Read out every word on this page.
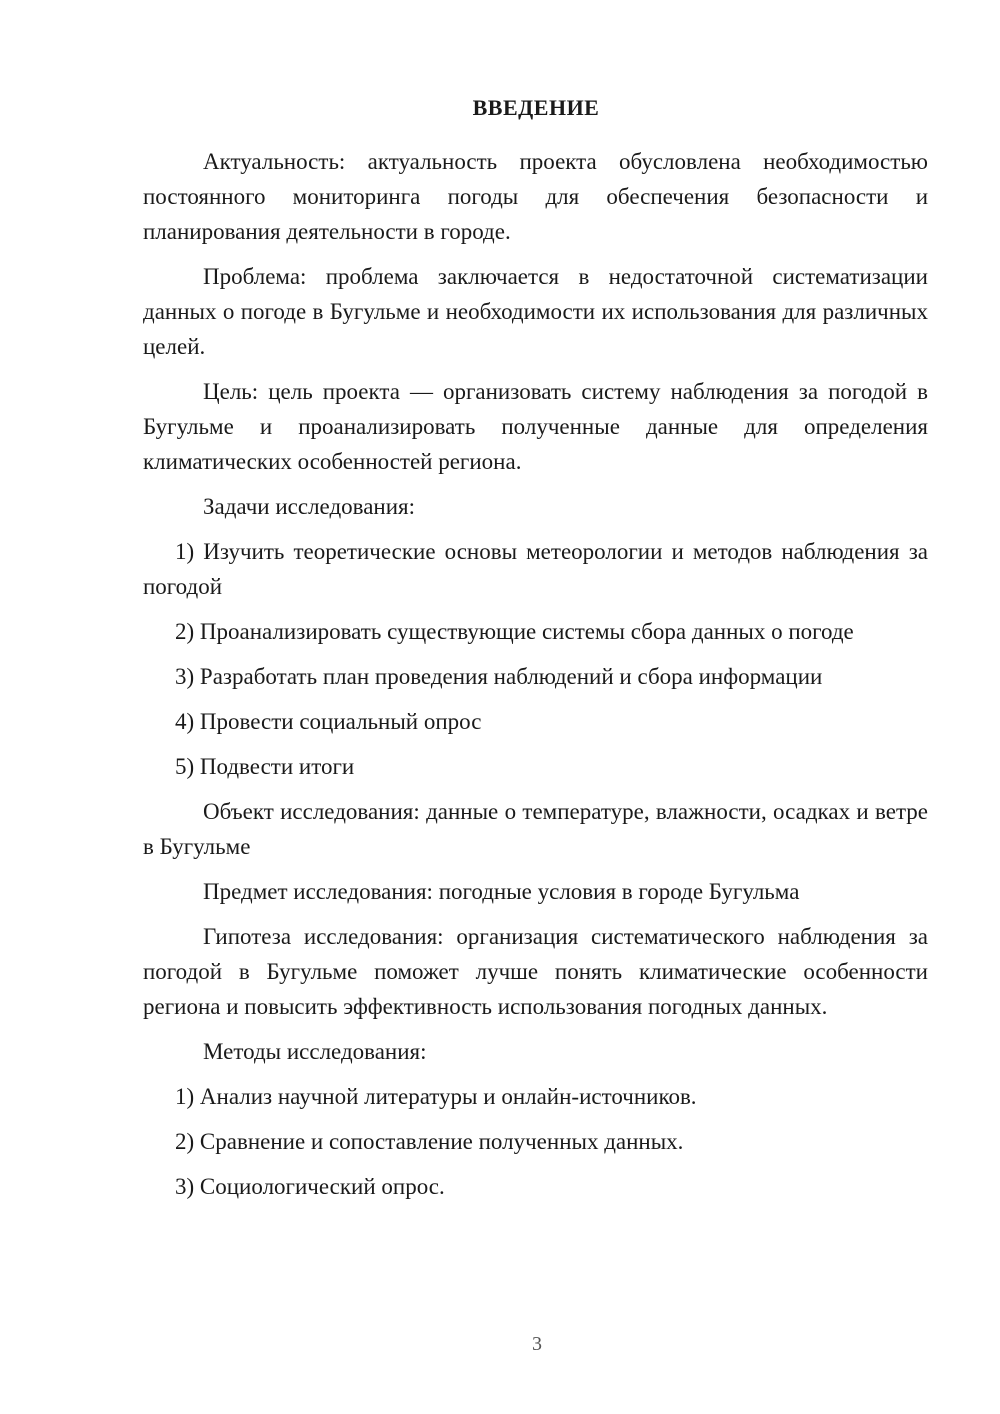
ВВЕДЕНИЕ

Актуальность: актуальность проекта обусловлена необходимостью постоянного мониторинга погоды для обеспечения безопасности и планирования деятельности в городе.

Проблема: проблема заключается в недостаточной систематизации данных о погоде в Бугульме и необходимости их использования для различных целей.

Цель: цель проекта — организовать систему наблюдения за погодой в Бугульме и проанализировать полученные данные для определения климатических особенностей региона.

Задачи исследования:

1) Изучить теоретические основы метеорологии и методов наблюдения за погодой

2) Проанализировать существующие системы сбора данных о погоде

3) Разработать план проведения наблюдений и сбора информации

4) Провести социальный опрос

5) Подвести итоги

Объект исследования: данные о температуре, влажности, осадках и ветре в Бугульме

Предмет исследования: погодные условия в городе Бугульма

Гипотеза исследования: организация систематического наблюдения за погодой в Бугульме поможет лучше понять климатические особенности региона и повысить эффективность использования погодных данных.

Методы исследования:

1) Анализ научной литературы и онлайн-источников.

2) Сравнение и сопоставление полученных данных.

3) Социологический опрос.

3
